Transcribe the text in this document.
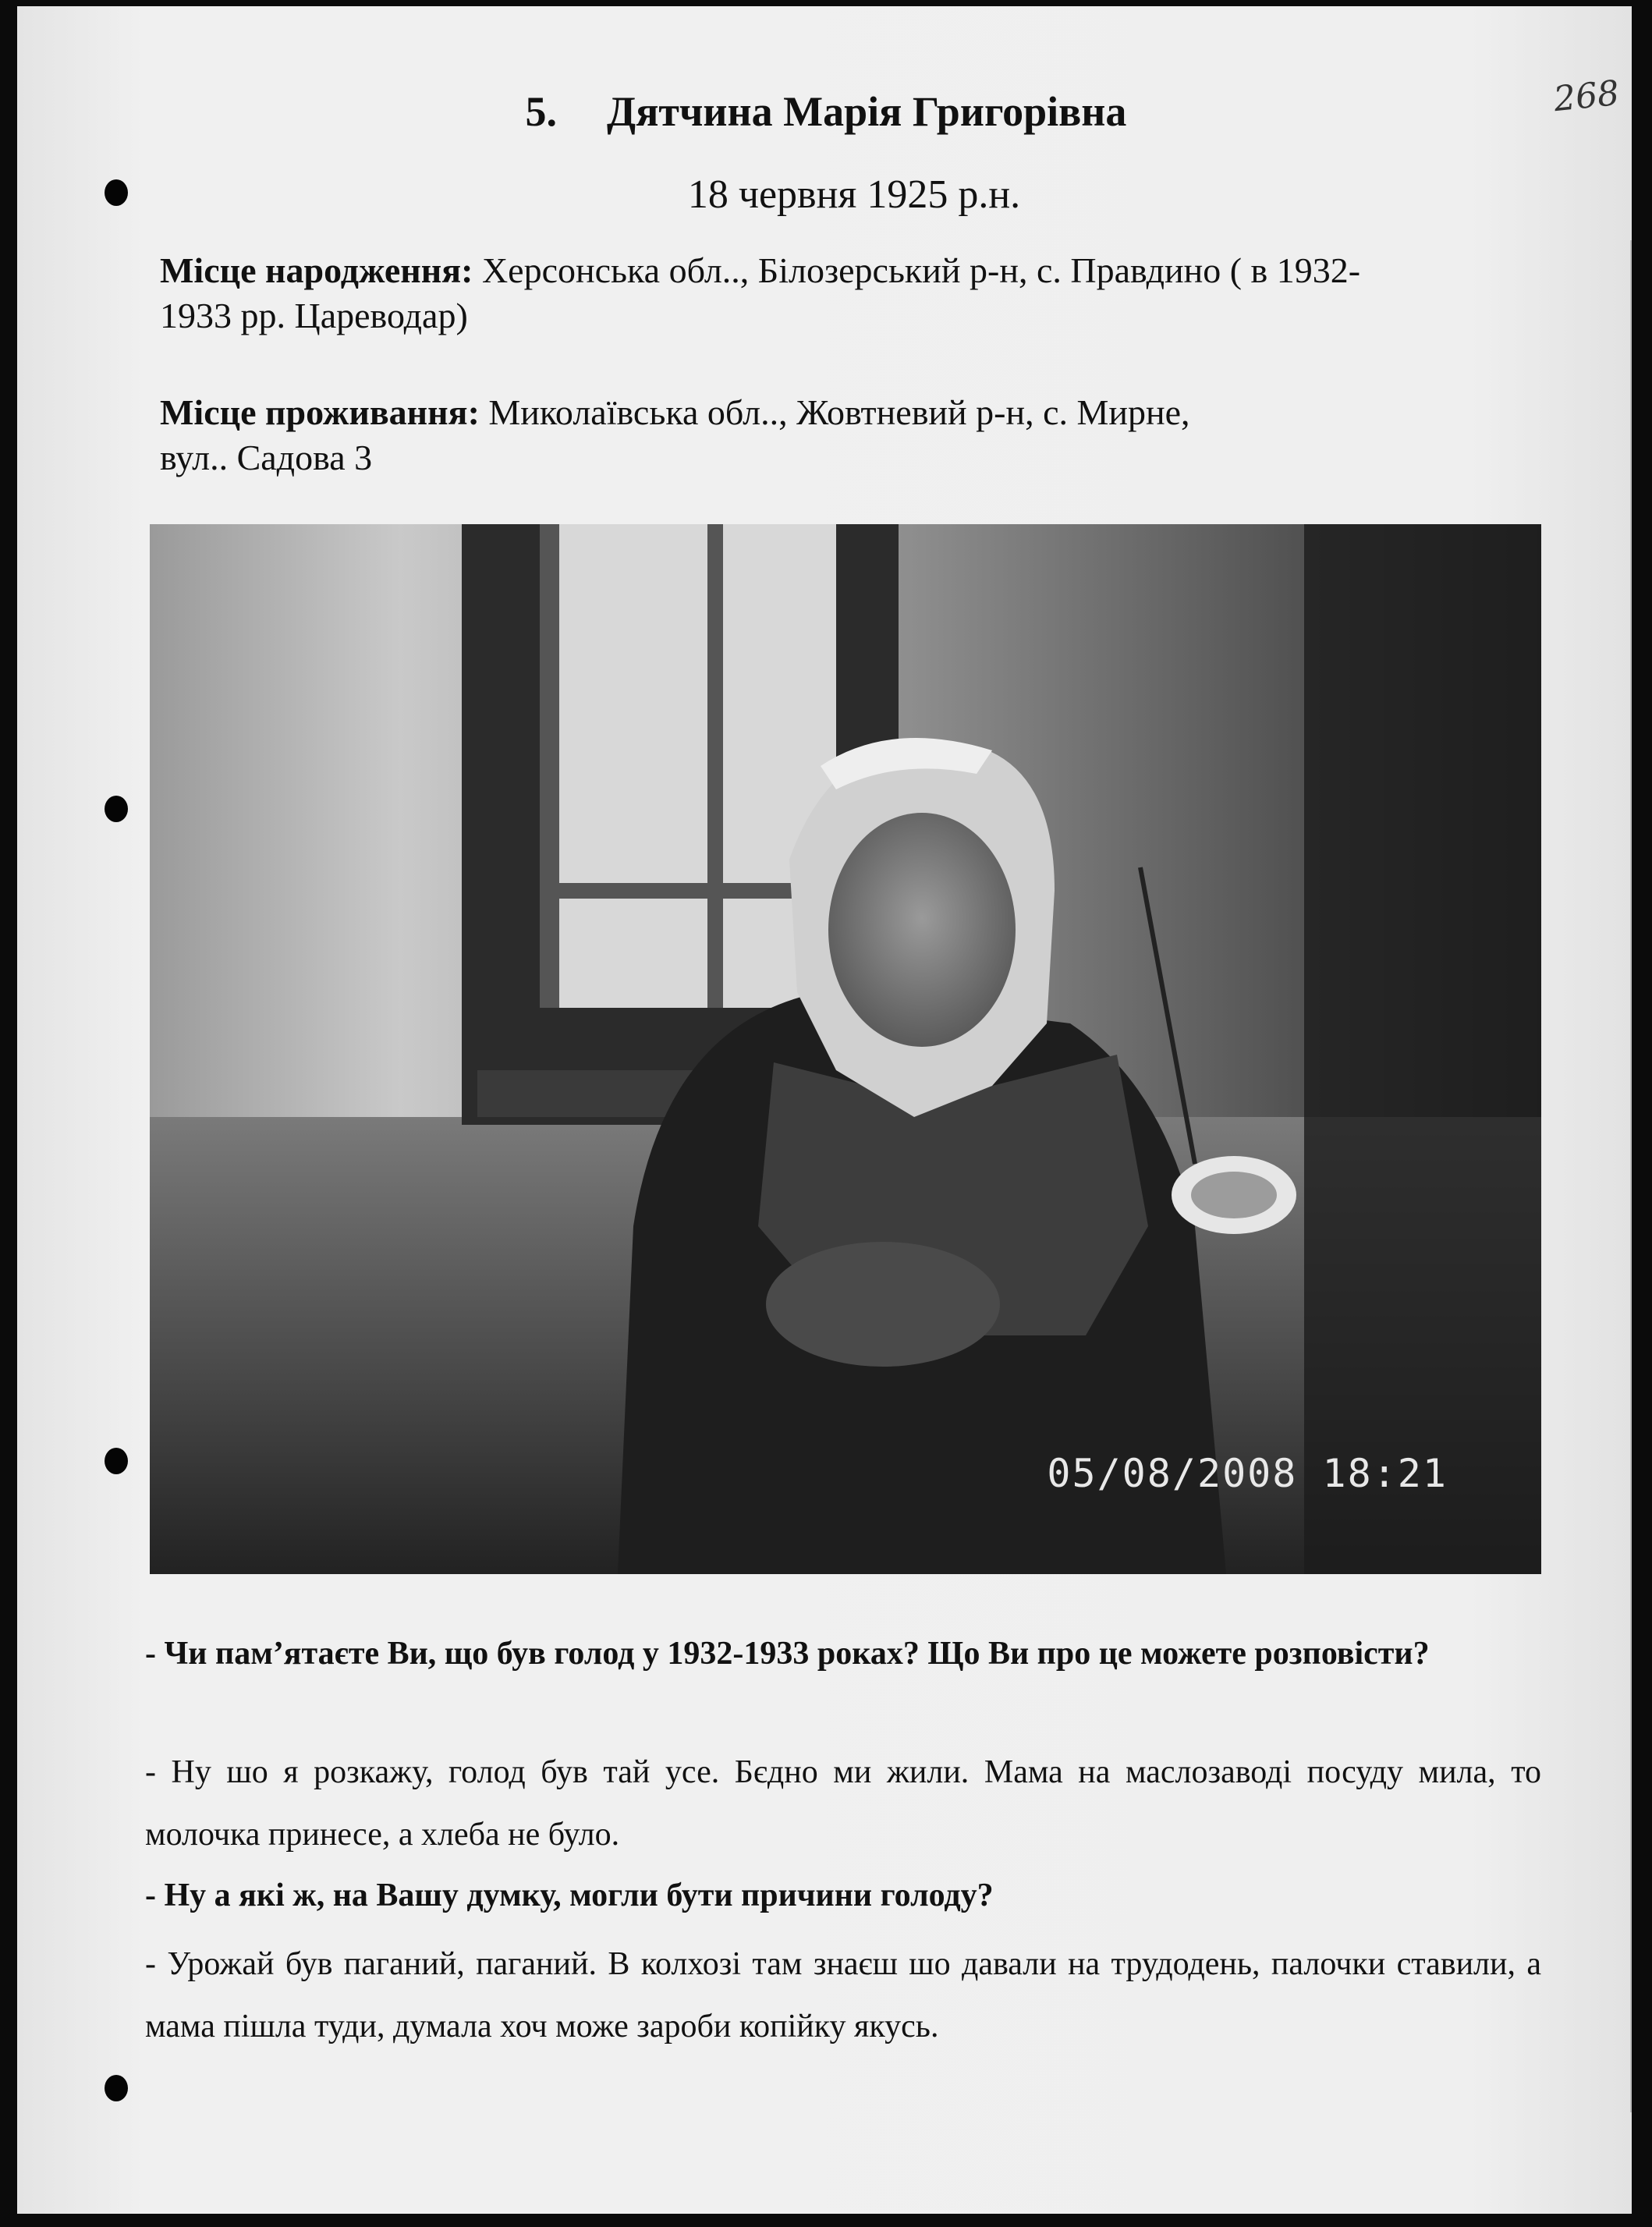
268
5. Дятчина Марія Григорівна
18 червня 1925 р.н.
Місце народження: Херсонська обл.., Білозерський р-н, с. Правдино ( в 1932-
1933 рр. Цареводар)
Місце проживання: Миколаївська обл.., Жовтневий р-н, с. Мирне,
вул.. Садова 3
05/08/2008 18:21
- Чи пам’ятаєте Ви, що був голод у 1932-1933 роках? Що Ви про це можете розповісти?
- Ну шо я розкажу, голод був тай усе. Бєдно ми жили. Мама на маслозаводі посуду мила, то молочка принесе, а хлеба не було.
- Ну а які ж, на Вашу думку, могли бути причини голоду?
- Урожай був паганий, паганий. В колхозі там знаєш шо давали на трудодень, палочки ставили, а мама пішла туди, думала хоч може зароби копійку якусь.
